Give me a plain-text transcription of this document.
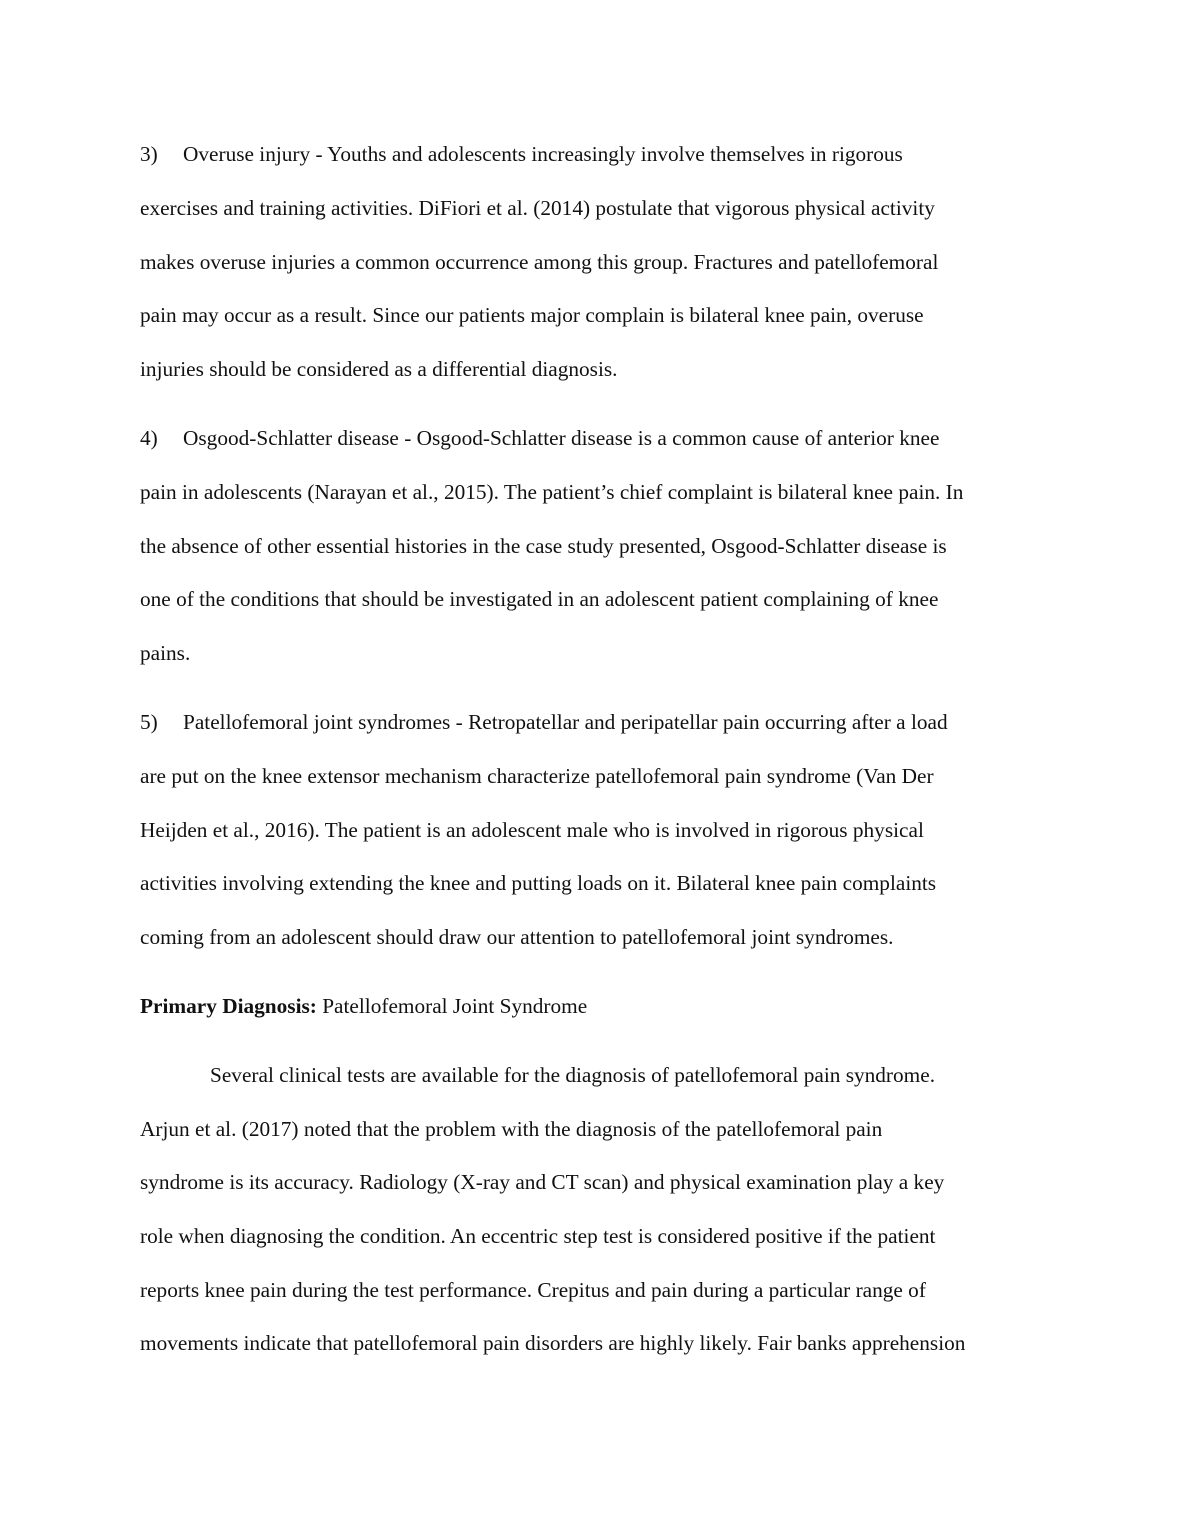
3) Overuse injury - Youths and adolescents increasingly involve themselves in rigorous
exercises and training activities. DiFiori et al. (2014) postulate that vigorous physical activity
makes overuse injuries a common occurrence among this group. Fractures and patellofemoral
pain may occur as a result. Since our patients major complain is bilateral knee pain, overuse
injuries should be considered as a differential diagnosis.
4) Osgood-Schlatter disease - Osgood-Schlatter disease is a common cause of anterior knee
pain in adolescents (Narayan et al., 2015). The patient’s chief complaint is bilateral knee pain. In
the absence of other essential histories in the case study presented, Osgood-Schlatter disease is
one of the conditions that should be investigated in an adolescent patient complaining of knee
pains.
5) Patellofemoral joint syndromes - Retropatellar and peripatellar pain occurring after a load
are put on the knee extensor mechanism characterize patellofemoral pain syndrome (Van Der
Heijden et al., 2016). The patient is an adolescent male who is involved in rigorous physical
activities involving extending the knee and putting loads on it. Bilateral knee pain complaints
coming from an adolescent should draw our attention to patellofemoral joint syndromes.
Primary Diagnosis: Patellofemoral Joint Syndrome
Several clinical tests are available for the diagnosis of patellofemoral pain syndrome.
Arjun et al. (2017) noted that the problem with the diagnosis of the patellofemoral pain
syndrome is its accuracy. Radiology (X-ray and CT scan) and physical examination play a key
role when diagnosing the condition. An eccentric step test is considered positive if the patient
reports knee pain during the test performance. Crepitus and pain during a particular range of
movements indicate that patellofemoral pain disorders are highly likely. Fair banks apprehension
